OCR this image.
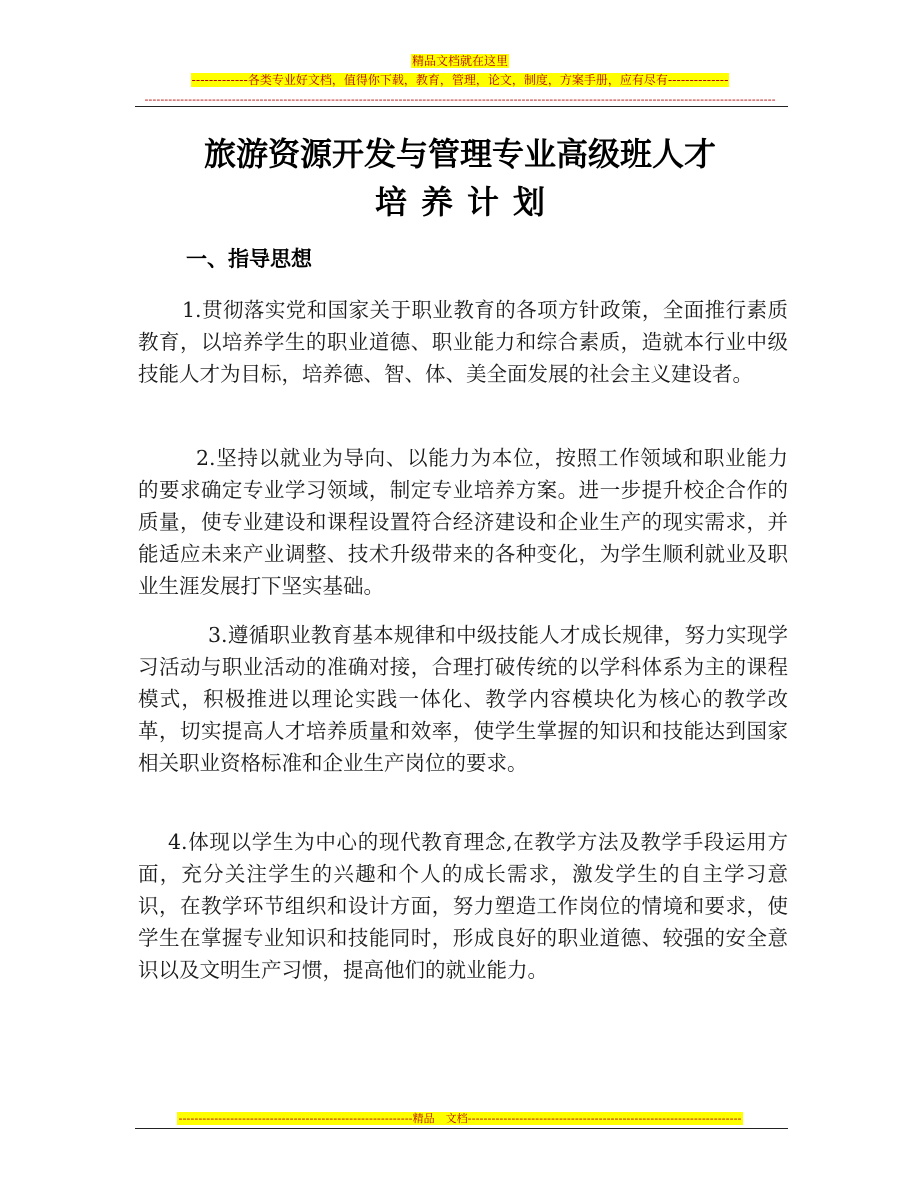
精品文档就在这里
-------------各类专业好文档，值得你下载，教育，管理，论文，制度，方案手册，应有尽有--------------
---------------------------------------------------------------------------------------------------------------------------------------------------------------
旅游资源开发与管理专业高级班人才
培养计划
一、指导思想

1.贯彻落实党和国家关于职业教育的各项方针政策，全面推行素质教育，以培养学生的职业道德、职业能力和综合素质，造就本行业中级技能人才为目标，培养德、智、体、美全面发展的社会主义建设者。

2.坚持以就业为导向、以能力为本位，按照工作领域和职业能力的要求确定专业学习领域，制定专业培养方案。进一步提升校企合作的质量，使专业建设和课程设置符合经济建设和企业生产的现实需求，并能适应未来产业调整、技术升级带来的各种变化，为学生顺利就业及职业生涯发展打下坚实基础。

3.遵循职业教育基本规律和中级技能人才成长规律，努力实现学习活动与职业活动的准确对接，合理打破传统的以学科体系为主的课程模式，积极推进以理论实践一体化、教学内容模块化为核心的教学改革，切实提高人才培养质量和效率，使学生掌握的知识和技能达到国家相关职业资格标准和企业生产岗位的要求。

4.体现以学生为中心的现代教育理念,在教学方法及教学手段运用方面，充分关注学生的兴趣和个人的成长需求，激发学生的自主学习意识，在教学环节组织和设计方面，努力塑造工作岗位的情境和要求，使学生在掌握专业知识和技能同时，形成良好的职业道德、较强的安全意识以及文明生产习惯，提高他们的就业能力。

-----------------------------------------------------------精品　文档---------------------------------------------------------------------
